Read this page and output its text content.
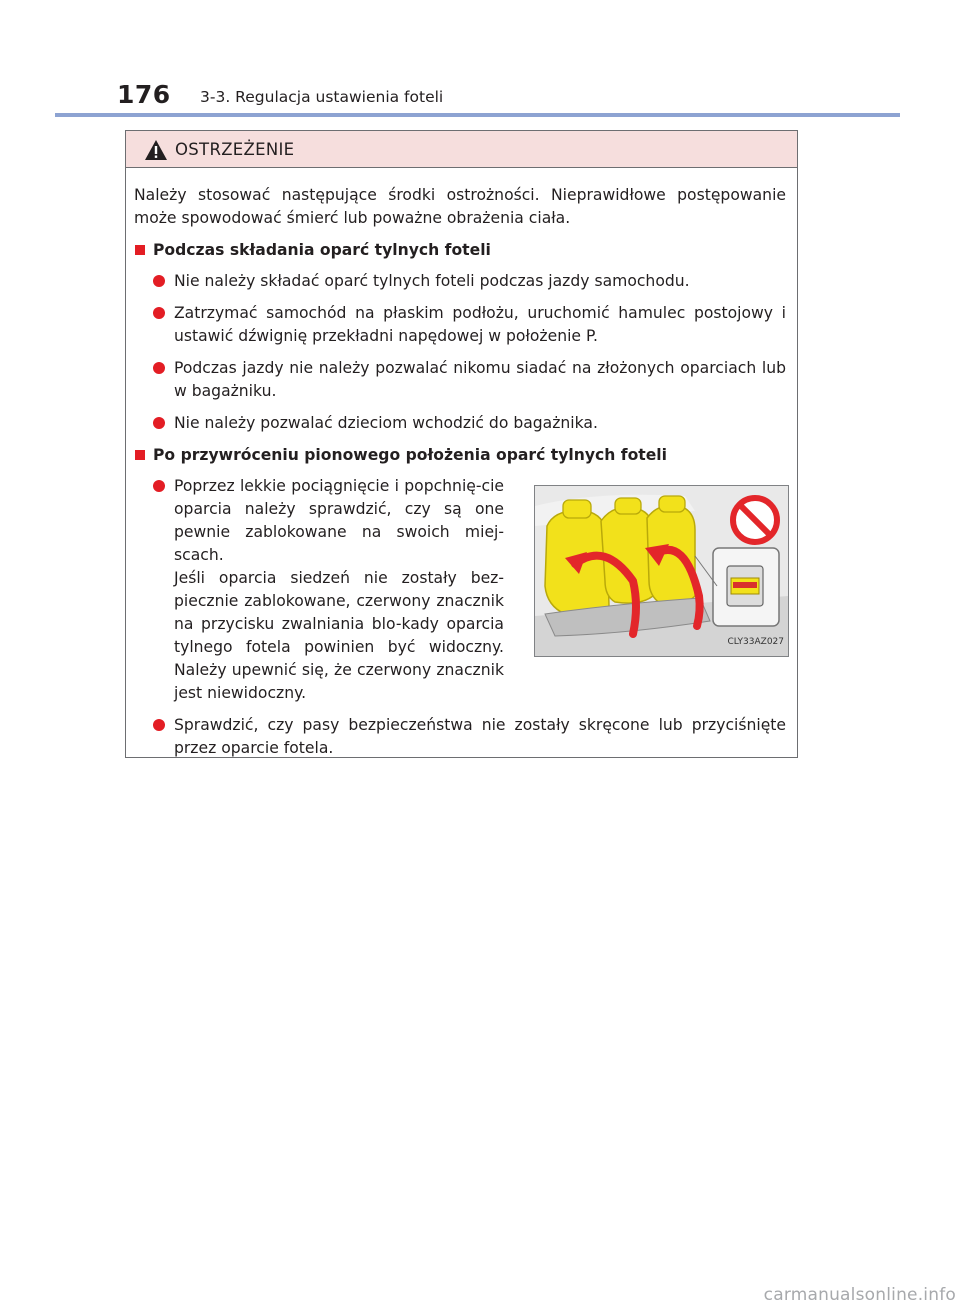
176 3-3. Regulacja ustawienia foteli
OSTRZEŻENIE

Należy stosować następujące środki ostrożności. Nieprawidłowe postępowanie może spowodować śmierć lub poważne obrażenia ciała.

Podczas składania oparć tylnych foteli

Nie należy składać oparć tylnych foteli podczas jazdy samochodu.

Zatrzymać samochód na płaskim podłożu, uruchomić hamulec postojowy i ustawić dźwignię przekładni napędowej w położenie P.

Podczas jazdy nie należy pozwalać nikomu siadać na złożonych oparciach lub w bagażniku.

Nie należy pozwalać dzieciom wchodzić do bagażnika.

Po przywróceniu pionowego położenia oparć tylnych foteli

Poprzez lekkie pociągnięcie i popchnię-cie oparcia należy sprawdzić, czy są one pewnie zablokowane na swoich miej-scach.

Jeśli oparcia siedzeń nie zostały bez-piecznie zablokowane, czerwony znacznik na przycisku zwalniania blo-kady oparcia tylnego fotela powinien być widoczny. Należy upewnić się, że czerwony znacznik jest niewidoczny.

CLY33AZ027

Sprawdzić, czy pasy bezpieczeństwa nie zostały skręcone lub przyciśnięte przez oparcie fotela.

carmanualsonline.info
